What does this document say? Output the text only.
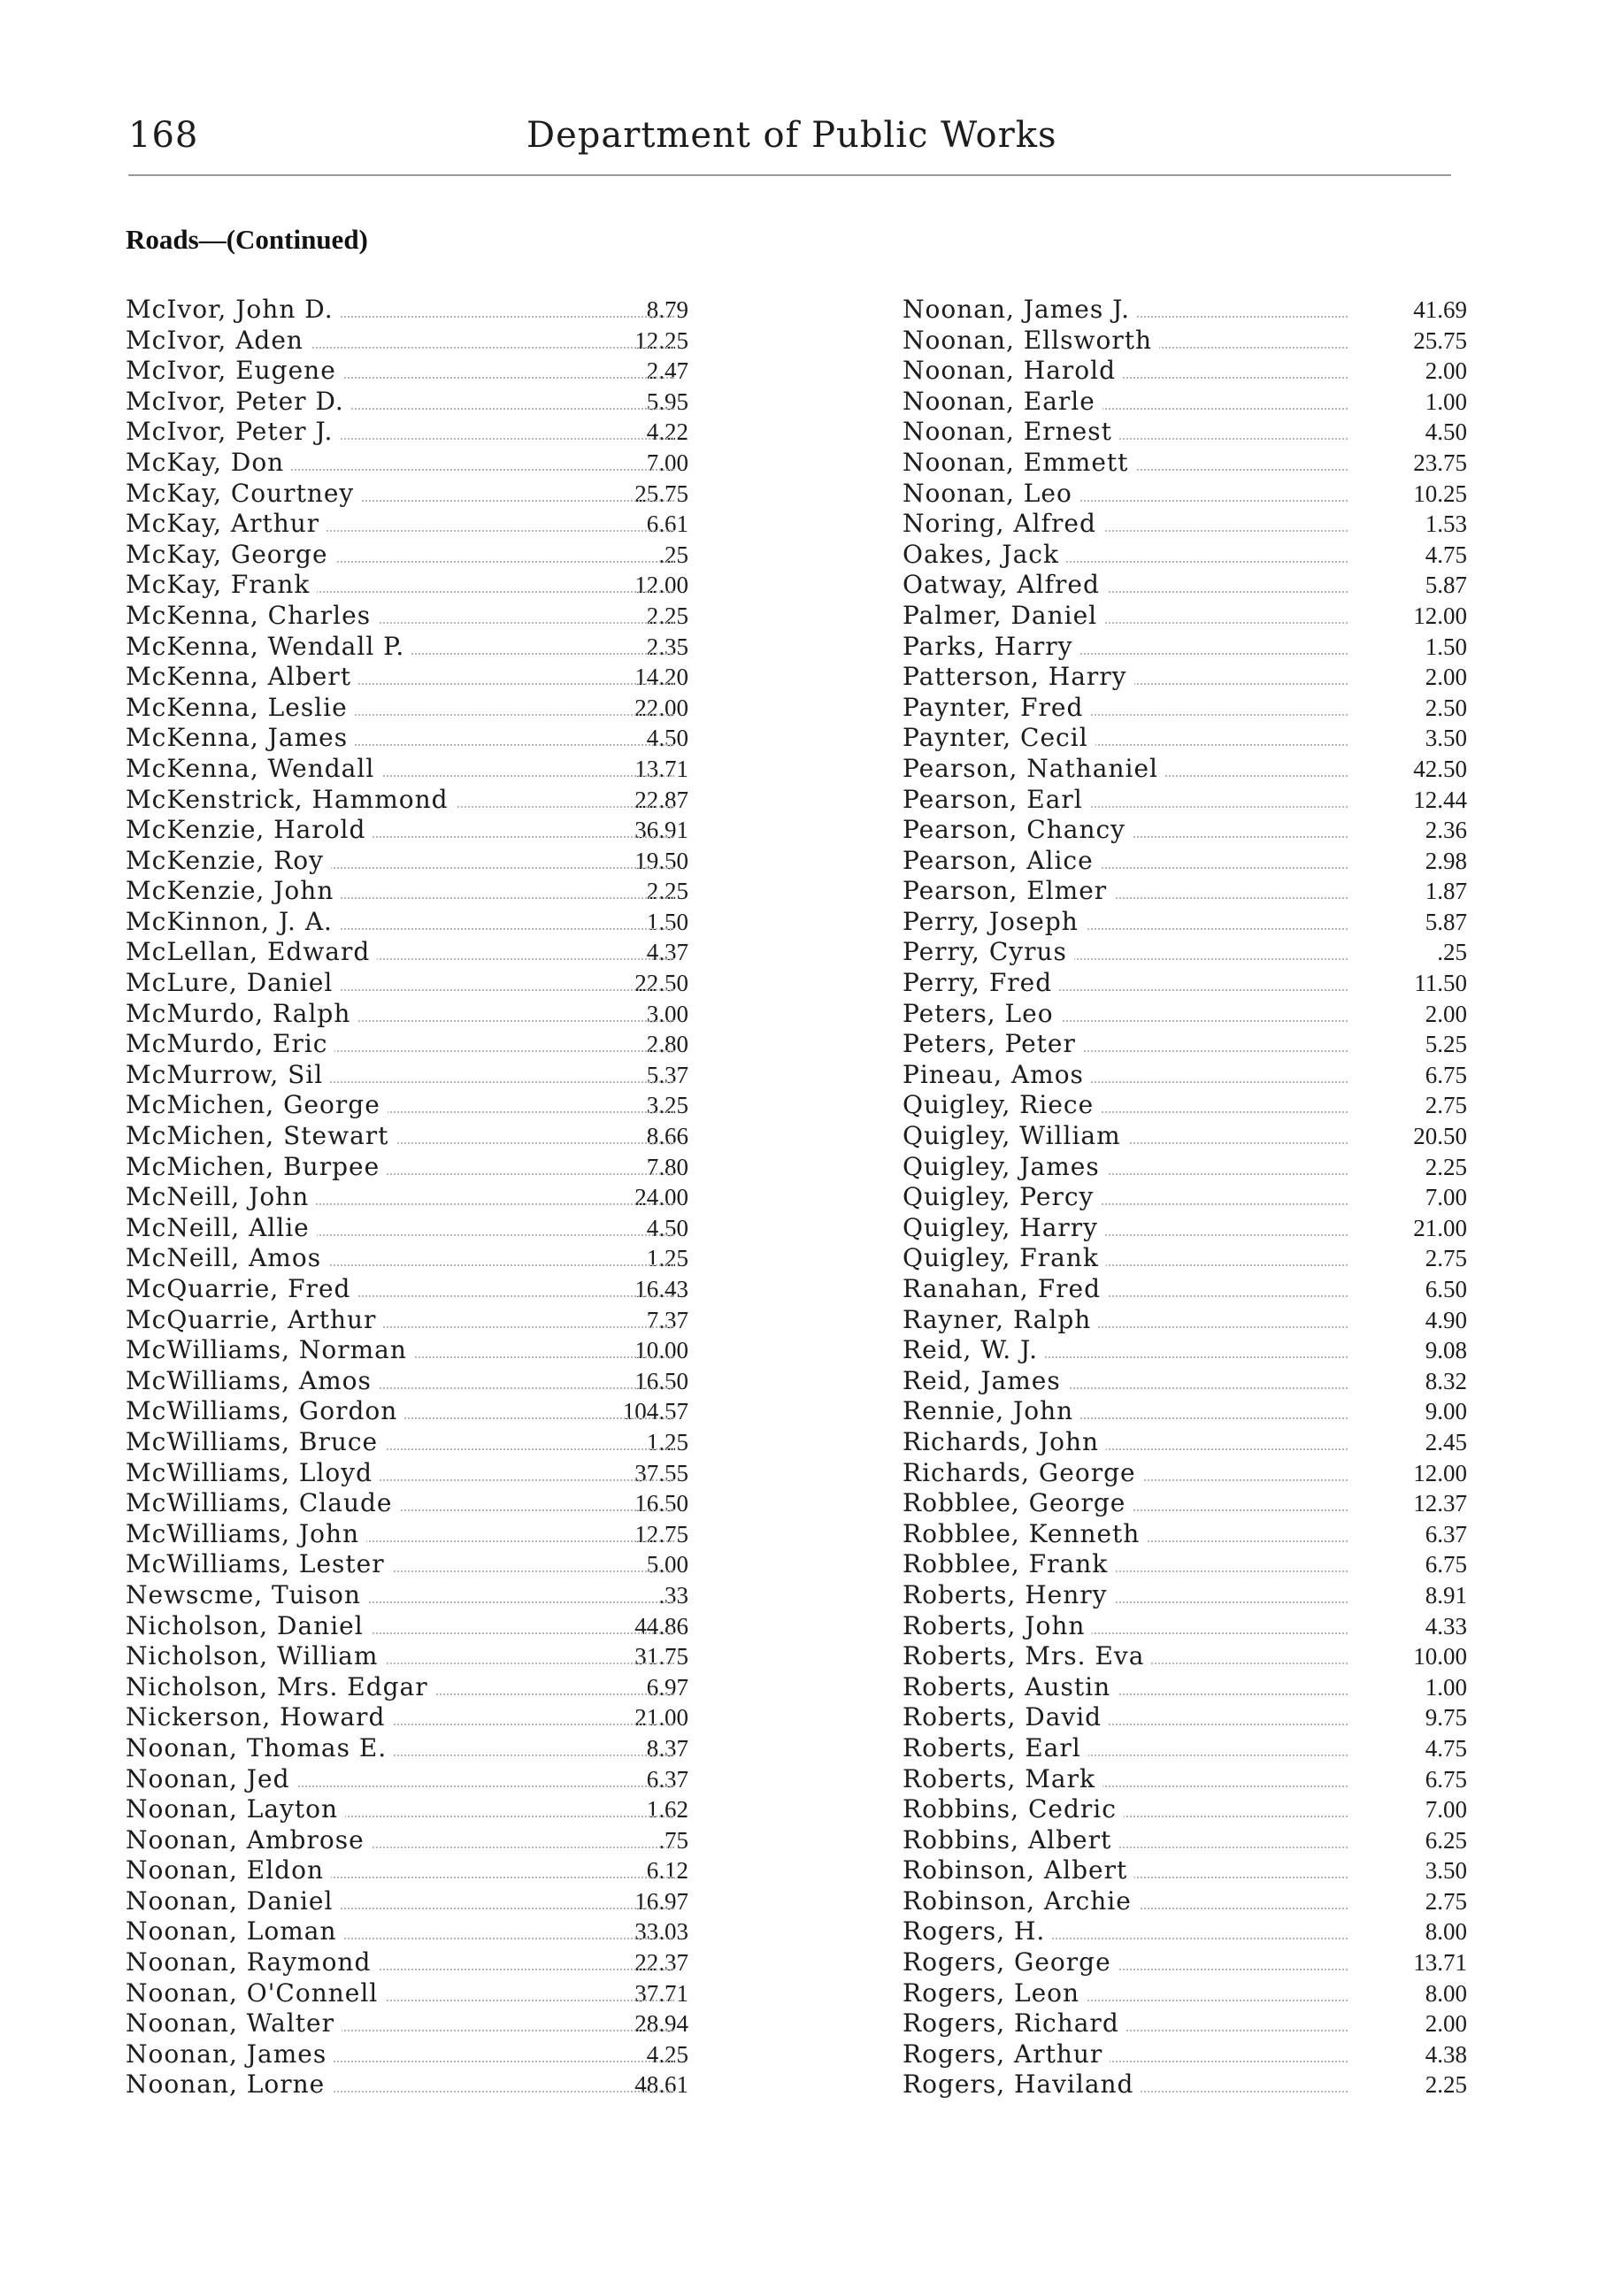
168	Department of Public Works
Roads—(Continued)
McIvor, John D.	8.79
McIvor, Aden	12.25
McIvor, Eugene	2.47
McIvor, Peter D.	5.95
McIvor, Peter J.	4.22
McKay, Don	7.00
McKay, Courtney	25.75
McKay, Arthur	6.61
McKay, George	.25
McKay, Frank	12.00
McKenna, Charles	2.25
McKenna, Wendall P.	2.35
McKenna, Albert	14.20
McKenna, Leslie	22.00
McKenna, James	4.50
McKenna, Wendall	13.71
McKenstrick, Hammond	22.87
McKenzie, Harold	36.91
McKenzie, Roy	19.50
McKenzie, John	2.25
McKinnon, J. A.	1.50
McLellan, Edward	4.37
McLure, Daniel	22.50
McMurdo, Ralph	3.00
McMurdo, Eric	2.80
McMurrow, Sil	5.37
McMichen, George	3.25
McMichen, Stewart	8.66
McMichen, Burpee	7.80
McNeill, John	24.00
McNeill, Allie	4.50
McNeill, Amos	1.25
McQuarrie, Fred	16.43
McQuarrie, Arthur	7.37
McWilliams, Norman	10.00
McWilliams, Amos	16.50
McWilliams, Gordon	104.57
McWilliams, Bruce	1.25
McWilliams, Lloyd	37.55
McWilliams, Claude	16.50
McWilliams, John	12.75
McWilliams, Lester	5.00
Newscme, Tuison	.33
Nicholson, Daniel	44.86
Nicholson, William	31.75
Nicholson, Mrs. Edgar	6.97
Nickerson, Howard	21.00
Noonan, Thomas E.	8.37
Noonan, Jed	6.37
Noonan, Layton	1.62
Noonan, Ambrose	.75
Noonan, Eldon	6.12
Noonan, Daniel	16.97
Noonan, Loman	33.03
Noonan, Raymond	22.37
Noonan, O'Connell	37.71
Noonan, Walter	28.94
Noonan, James	4.25
Noonan, Lorne	48.61
Noonan, James J.	41.69
Noonan, Ellsworth	25.75
Noonan, Harold	2.00
Noonan, Earle	1.00
Noonan, Ernest	4.50
Noonan, Emmett	23.75
Noonan, Leo	10.25
Noring, Alfred	1.53
Oakes, Jack	4.75
Oatway, Alfred	5.87
Palmer, Daniel	12.00
Parks, Harry	1.50
Patterson, Harry	2.00
Paynter, Fred	2.50
Paynter, Cecil	3.50
Pearson, Nathaniel	42.50
Pearson, Earl	12.44
Pearson, Chancy	2.36
Pearson, Alice	2.98
Pearson, Elmer	1.87
Perry, Joseph	5.87
Perry, Cyrus	.25
Perry, Fred	11.50
Peters, Leo	2.00
Peters, Peter	5.25
Pineau, Amos	6.75
Quigley, Riece	2.75
Quigley, William	20.50
Quigley, James	2.25
Quigley, Percy	7.00
Quigley, Harry	21.00
Quigley, Frank	2.75
Ranahan, Fred	6.50
Rayner, Ralph	4.90
Reid, W. J.	9.08
Reid, James	8.32
Rennie, John	9.00
Richards, John	2.45
Richards, George	12.00
Robblee, George	12.37
Robblee, Kenneth	6.37
Robblee, Frank	6.75
Roberts, Henry	8.91
Roberts, John	4.33
Roberts, Mrs. Eva	10.00
Roberts, Austin	1.00
Roberts, David	9.75
Roberts, Earl	4.75
Roberts, Mark	6.75
Robbins, Cedric	7.00
Robbins, Albert	6.25
Robinson, Albert	3.50
Robinson, Archie	2.75
Rogers, H.	8.00
Rogers, George	13.71
Rogers, Leon	8.00
Rogers, Richard	2.00
Rogers, Arthur	4.38
Rogers, Haviland	2.25
